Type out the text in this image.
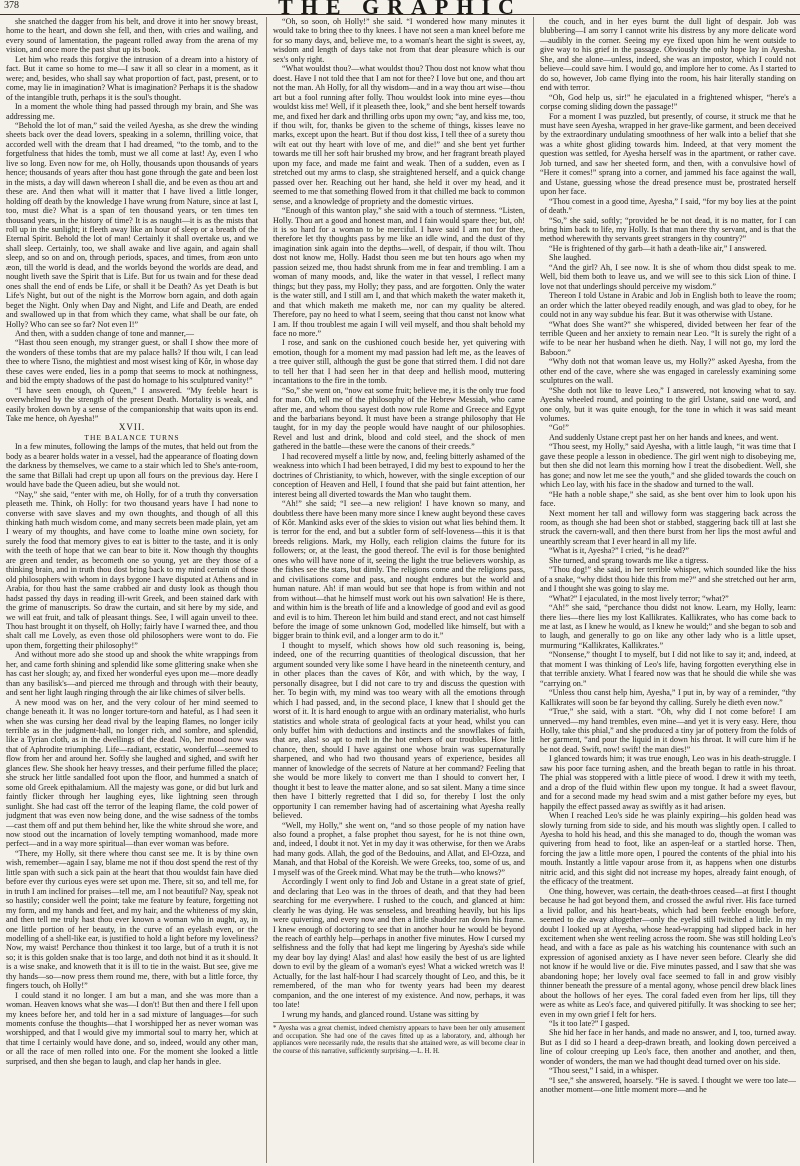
378	THE GRAPHIC

she snatched the dagger from his belt, and drove it into her snowy breast, home to the heart, and down she fell, and then, with cries and wailing, and every sound of lamentation, the pageant rolled away from the arena of my vision, and once more the past shut up its book.

Let him who reads this forgive the intrusion of a dream into a history of fact. But it came so home to me—I saw it all so clear in a moment, as it were; and, besides, who shall say what proportion of fact, past, present, or to come, may lie in imagination? What is imagination? Perhaps it is the shadow of the intangible truth, perhaps it is the soul's thought.

In a moment the whole thing had passed through my brain, and She was addressing me.

“Behold the lot of man,” said the veiled Ayesha, as she drew the winding sheets back over the dead lovers, speaking in a solemn, thrilling voice, that accorded well with the dream that I had dreamed, “to the tomb, and to the forgetfulness that hides the tomb, must we all come at last! Ay, even I who live so long. Even now for me, oh Holly, thousands upon thousands of years hence; thousands of years after thou hast gone through the gate and been lost in the mists, a day will dawn whereon I shall die, and be even as thou art and these are. And then what will it matter that I have lived a little longer, holding off death by the knowledge I have wrung from Nature, since at last I, too, must die? What is a span of ten thousand years, or ten times ten thousand years, in the history of time? It is as naught—it is as the mists that roll up in the sunlight; it fleeth away like an hour of sleep or a breath of the Eternal Spirit. Behold the lot of man! Certainly it shall overtake us, and we shall sleep. Certainly, too, we shall awake and live again, and again shall sleep, and so on and on, through periods, spaces, and times, from æon unto æon, till the world is dead, and the worlds beyond the worlds are dead, and nought liveth save the Spirit that is Life. But for us twain and for these dead ones shall the end of ends be Life, or shall it be Death? As yet Death is but Life's Night, but out of the night is the Morrow born again, and doth again beget the Night. Only when Day and Night, and Life and Death, are ended and swallowed up in that from which they came, what shall be our fate, oh Holly? Who can see so far? Not even I!”

And then, with a sudden change of tone and manner,—

“Hast thou seen enough, my stranger guest, or shall I show thee more of the wonders of these tombs that are my palace halls? If thou wilt, I can lead thee to where Tisno, the mightiest and most wisest king of Kôr, in whose day these caves were ended, lies in a pomp that seems to mock at nothingness, and bid the empty shadows of the past do homage to his sculptured vanity!”

“I have seen enough, oh Queen,” I answered. “My feeble heart is overwhelmed by the strength of the present Death. Mortality is weak, and easily broken down by a sense of the companionship that waits upon its end. Take me hence, oh Ayesha!”

XVII.

THE BALANCE TURNS

In a few minutes, following the lamps of the mutes, that held out from the body as a bearer holds water in a vessel, had the appearance of floating down the darkness by themselves, we came to a stair which led to She's ante-room, the same that Billali had crept up upon all fours on the previous day. Here I would have bade the Queen adieu, but she would not.

“Nay,” she said, “enter with me, oh Holly, for of a truth thy conversation pleaseth me. Think, oh Holly: for two thousand years have I had none to converse with save slaves and my own thoughts, and though of all this thinking hath much wisdom come, and many secrets been made plain, yet am I weary of my thoughts, and have come to loathe mine own society, for surely the food that memory gives to eat is bitter to the taste, and it is only with the teeth of hope that we can bear to bite it. Now though thy thoughts are green and tender, as becometh one so young, yet are they those of a thinking brain, and in truth thou dost bring back to my mind certain of those old philosophers with whom in days bygone I have disputed at Athens and in Arabia, for thou hast the same crabbed air and dusty look as though thou hadst passed thy days in reading ill-writ Greek, and been stained dark with the grime of manuscripts. So draw the curtain, and sit here by my side, and we will eat fruit, and talk of pleasant things. See, I will again unveil to thee. Thou hast brought it on thyself, oh Holly; fairly have I warned thee, and thou shalt call me Lovely, as even those old philosophers were wont to do. Fie upon them, forgetting their philosophy!”

And without more ado she stood up and shook the white wrappings from her, and came forth shining and splendid like some glittering snake when she has cast her slough; ay, and fixed her wonderful eyes upon me—more deadly than any basilisk's—and pierced me through and through with their beauty, and sent her light laugh ringing through the air like chimes of silver bells.

A new mood was on her, and the very colour of her mind seemed to change beneath it. It was no longer torture-torn and hateful, as I had seen it when she was cursing her dead rival by the leaping flames, no longer icily terrible as in the judgment-hall, no longer rich, and sombre, and splendid, like a Tyrian cloth, as in the dwellings of the dead. No, her mood now was that of Aphrodite triumphing. Life—radiant, ecstatic, wonderful—seemed to flow from her and around her. Softly she laughed and sighed, and swift her glances flew. She shook her heavy tresses, and their perfume filled the place; she struck her little sandalled foot upon the floor, and hummed a snatch of some old Greek epithalamium. All the majesty was gone, or did but lurk and faintly flicker through her laughing eyes, like lightning seen through sunlight. She had cast off the terror of the leaping flame, the cold power of judgment that was even now being done, and the wise sadness of the tombs—cast them off and put them behind her, like the white shroud she wore, and now stood out the incarnation of lovely tempting womanhood, made more perfect—and in a way more spiritual—than ever woman was before.

“There, my Holly, sit there where thou canst see me. It is by thine own wish, remember—again I say, blame me not if thou dost spend the rest of thy little span with such a sick pain at the heart that thou wouldst fain have died before ever thy curious eyes were set upon me. There, sit so, and tell me, for in truth I am inclined for praises—tell me, am I not beautiful? Nay, speak not so hastily; consider well the point; take me feature by feature, forgetting not my form, and my hands and feet, and my hair, and the whiteness of my skin, and then tell me truly hast thou ever known a woman who in aught, ay, in one little portion of her beauty, in the curve of an eyelash even, or the modelling of a shell-like ear, is justified to hold a light before my loveliness? Now, my waist! Perchance thou thinkest it too large, but of a truth it is not so; it is this golden snake that is too large, and doth not bind it as it should. It is a wise snake, and knoweth that it is ill to tie in the waist. But see, give me thy hands—so—now press them round me, there, with but a little force, thy fingers touch, oh Holly!”

I could stand it no longer. I am but a man, and she was more than a woman. Heaven knows what she was—I don't! But then and there I fell upon my knees before her, and told her in a sad mixture of languages—for such moments confuse the thoughts—that I worshipped her as never woman was worshipped, and that I would give my immortal soul to marry her, which at that time I certainly would have done, and so, indeed, would any other man, or all the race of men rolled into one. For the moment she looked a little surprised, and then she began to laugh, and clap her hands in glee.

“Oh, so soon, oh Holly!” she said. “I wondered how many minutes it would take to bring thee to thy knees. I have not seen a man kneel before me for so many days, and, believe me, to a woman's heart the sight is sweet, ay, wisdom and length of days take not from that dear pleasure which is our sex's only right.

“What wouldst thou?—what wouldst thou? Thou dost not know what thou doest. Have I not told thee that I am not for thee? I love but one, and thou art not the man. Ah Holly, for all thy wisdom—and in a way thou art wise—thou art but a fool running after folly. Thou wouldst look into mine eyes—thou wouldst kiss me! Well, if it pleaseth thee, look,” and she bent herself towards me, and fixed her dark and thrilling orbs upon my own; “ay, and kiss me, too, if thou wilt, for, thanks be given to the scheme of things, kisses leave no marks, except upon the heart. But if thou dost kiss, I tell thee of a surety thou wilt eat out thy heart with love of me, and die!” and she bent yet further towards me till her soft hair brushed my brow, and her fragrant breath played upon my face, and made me faint and weak. Then of a sudden, even as I stretched out my arms to clasp, she straightened herself, and a quick change passed over her. Reaching out her hand, she held it over my head, and it seemed to me that something flowed from it that chilled me back to common sense, and a knowledge of propriety and the domestic virtues.

“Enough of this wanton play,” she said with a touch of sternness. “Listen, Holly. Thou art a good and honest man, and I fain would spare thee; but, oh! it is so hard for a woman to be merciful. I have said I am not for thee, therefore let thy thoughts pass by me like an idle wind, and the dust of thy imagination sink again into the depths—well, of despair, if thou wilt. Thou dost not know me, Holly. Hadst thou seen me but ten hours ago when my passion seized me, thou hadst shrunk from me in fear and trembling. I am a woman of many moods, and, like the water in that vessel, I reflect many things; but they pass, my Holly; they pass, and are forgotten. Only the water is the water still, and I still am I, and that which maketh the water maketh it, and that which maketh me maketh me, nor can my quality be altered. Therefore, pay no heed to what I seem, seeing that thou canst not know what I am. If thou troublest me again I will veil myself, and thou shalt behold my face no more.”

I rose, and sank on the cushioned couch beside her, yet quivering with emotion, though for a moment my mad passion had left me, as the leaves of a tree quiver still, although the gust be gone that stirred them. I did not dare to tell her that I had seen her in that deep and hellish mood, muttering incantations to the fire in the tomb.

“So,” she went on, “now eat some fruit; believe me, it is the only true food for man. Oh, tell me of the philosophy of the Hebrew Messiah, who came after me, and whom thou sayest doth now rule Rome and Greece and Egypt and the barbarians beyond. It must have been a strange philosophy that He taught, for in my day the people would have naught of our philosophies. Revel and lust and drink, blood and cold steel, and the shock of men gathered in the battle—these were the canons of their creeds.”

I had recovered myself a little by now, and, feeling bitterly ashamed of the weakness into which I had been betrayed, I did my best to expound to her the doctrines of Christianity, to which, however, with the single exception of our conception of Heaven and Hell, I found that she paid but faint attention, her interest being all diverted towards the Man who taught them.

“Ah!” she said; “I see—a new religion! I have known so many, and doubtless there have been many more since I knew aught beyond these caves of Kôr. Mankind asks ever of the skies to vision out what lies behind them. It is terror for the end, and but a subtler form of self-loveness—this it is that breeds religions. Mark, my Holly, each religion claims the future for its followers; or, at the least, the good thereof. The evil is for those benighted ones who will have none of it, seeing the light the true believers worship, as the fishes see the stars, but dimly. The religions come and the religions pass, and civilisations come and pass, and nought endures but the world and human nature. Ah! if man would but see that hope is from within and not from without—that he himself must work out his own salvation! He is there, and within him is the breath of life and a knowledge of good and evil as good and evil is to him. Thereon let him build and stand erect, and not cast himself before the image of some unknown God, modelled like himself, but with a bigger brain to think evil, and a longer arm to do it.”

I thought to myself, which shows how old such reasoning is, being, indeed, one of the recurring quantities of theological discussion, that her argument sounded very like some I have heard in the nineteenth century, and in other places than the caves of Kôr, and with which, by the way, I personally disagree, but I did not care to try and discuss the question with her. To begin with, my mind was too weary with all the emotions through which I had passed, and, in the second place, I knew that I should get the worst of it. It is hard enough to argue with an ordinary materialist, who hurls statistics and whole strata of geological facts at your head, whilst you can only buffet him with deductions and instincts and the snowflakes of faith, that are, alas! so apt to melt in the hot embers of our troubles. How little chance, then, should I have against one whose brain was supernaturally sharpened, and who had two thousand years of experience, besides all manner of knowledge of the secrets of Nature at her command? Feeling that she would be more likely to convert me than I should to convert her, I thought it best to leave the matter alone, and so sat silent. Many a time since then have I bitterly regretted that I did so, for thereby I lost the only opportunity I can remember having had of ascertaining what Ayesha really believed.

“Well, my Holly,” she went on, “and so those people of my nation have also found a prophet, a false prophet thou sayest, for he is not thine own, and, indeed, I doubt it not. Yet in my day it was otherwise, for then we Arabs had many gods. Allah, the god of the Bedouins, and Allat, and El-Ozza, and Manah, and that Hobal of the Koreish. We were Greeks, too, some of us, and I myself was of the Greek mind. What may be the truth—who knows?”

Accordingly I went only to find Job and Ustane in a great state of grief, and declaring that Leo was in the throes of death, and that they had been searching for me everywhere. I rushed to the couch, and glanced at him: clearly he was dying. He was senseless, and breathing heavily, but his lips were quivering, and every now and then a little shudder ran down his frame. I knew enough of doctoring to see that in another hour he would be beyond the reach of earthly help—perhaps in another five minutes. How I cursed my selfishness and the folly that had kept me lingering by Ayesha's side while my dear boy lay dying! Alas! and alas! how easily the best of us are lighted down to evil by the gleam of a woman's eyes! What a wicked wretch was I! Actually, for the last half-hour I had scarcely thought of Leo, and this, be it remembered, of the man who for twenty years had been my dearest companion, and the one interest of my existence. And now, perhaps, it was too late!

I wrung my hands, and glanced round. Ustane was sitting by

* Ayesha was a great chemist, indeed chemistry appears to have been her only amusement and occupation. She had one of the caves fitted up as a laboratory, and, although her appliances were necessarily rude, the results that she attained were, as will become clear in the course of this narrative, sufficiently surprising.—L. H. H.

the couch, and in her eyes burnt the dull light of despair. Job was blubbering—I am sorry I cannot write his distress by any more delicate word—audibly in the corner. Seeing my eye fixed upon him he went outside to give way to his grief in the passage. Obviously the only hope lay in Ayesha. She, and she alone—unless, indeed, she was an impostor, which I could not believe—could save him. I would go, and implore her to come. As I started to do so, however, Job came flying into the room, his hair literally standing on end with terror.

“Oh, God help us, sir!” he ejaculated in a frightened whisper, “here's a corpse coming sliding down the passage!”

For a moment I was puzzled, but presently, of course, it struck me that he must have seen Ayesha, wrapped in her grave-like garment, and been deceived by the extraordinary undulating smoothness of her walk into a belief that she was a white ghost gliding towards him. Indeed, at that very moment the question was settled, for Ayesha herself was in the apartment, or rather cave. Job turned, and saw her sheeted form, and then, with a convulsive howl of “Here it comes!” sprang into a corner, and jammed his face against the wall, and Ustane, guessing whose the dread presence must be, prostrated herself upon her face.

“Thou comest in a good time, Ayesha,” I said, “for my boy lies at the point of death.”

“So,” she said, softly; “provided he be not dead, it is no matter, for I can bring him back to life, my Holly. Is that man there thy servant, and is that the method wherewith thy servants greet strangers in thy country?”

“He is frightened of thy garb—it hath a death-like air,” I answered.

She laughed.

“And the girl? Ah, I see now. It is she of whom thou didst speak to me. Well, bid them both to leave us, and we will see to this sick Lion of thine. I love not that underlings should perceive my wisdom.”

Thereon I told Ustane in Arabic and Job in English both to leave the room; an order which the latter obeyed readily enough, and was glad to obey, for he could not in any way subdue his fear. But it was otherwise with Ustane.

“What does She want?” she whispered, divided between her fear of the terrible Queen and her anxiety to remain near Leo. “It is surely the right of a wife to be near her husband when he dieth. Nay, I will not go, my lord the Baboon.”

“Why doth not that woman leave us, my Holly?” asked Ayesha, from the other end of the cave, where she was engaged in carelessly examining some sculptures on the wall.

“She doth not like to leave Leo,” I answered, not knowing what to say. Ayesha wheeled round, and pointing to the girl Ustane, said one word, and one only, but it was quite enough, for the tone in which it was said meant volumes.

“Go!”

And suddenly Ustane crept past her on her hands and knees, and went.

“Thou seest, my Holly,” said Ayesha, with a little laugh, “it was time that I gave these people a lesson in obedience. The girl went nigh to disobeying me, but then she did not learn this morning how I treat the disobedient. Well, she has gone; and now let me see the youth,” and she glided towards the couch on which Leo lay, with his face in the shadow and turned to the wall.

“He hath a noble shape,” she said, as she bent over him to look upon his face.

Next moment her tall and willowy form was staggering back across the room, as though she had been shot or stabbed, staggering back till at last she struck the cavern-wall, and then there burst from her lips the most awful and unearthly scream that I ever heard in all my life.

“What is it, Ayesha?” I cried, “is he dead?”

She turned, and sprang towards me like a tigress.

“Thou dog!” she said, in her terrible whisper, which sounded like the hiss of a snake, “why didst thou hide this from me?” and she stretched out her arm, and I thought she was going to slay me.

“What?” I ejaculated, in the most lively terror; “what?”

“Ah!” she said, “perchance thou didst not know. Learn, my Holly, learn: there lies—there lies my lost Kallikrates. Kallikrates, who has come back to me at last, as I knew he would, as I knew he would;” and she began to sob and to laugh, and generally to go on like any other lady who is a little upset, murmuring “Kallikrates, Kallikrates.”

“Nonsense,” thought I to myself, but I did not like to say it; and, indeed, at that moment I was thinking of Leo's life, having forgotten everything else in that terrible anxiety. What I feared now was that he should die while she was “carrying on.”

“Unless thou canst help him, Ayesha,” I put in, by way of a reminder, “thy Kallikrates will soon be far beyond thy calling. Surely he dieth even now.”

“True,” she said, with a start. “Oh, why did I not come before! I am unnerved—my hand trembles, even mine—and yet it is very easy. Here, thou Holly, take this phial,” and she produced a tiny jar of pottery from the folds of her garment, “and pour the liquid in it down his throat. It will cure him if he be not dead. Swift, now! swift! the man dies!”

I glanced towards him; it was true enough, Leo was in his death-struggle. I saw his poor face turning ashen, and the breath began to rattle in his throat. The phial was stoppered with a little piece of wood. I drew it with my teeth, and a drop of the fluid within flew upon my tongue. It had a sweet flavour, and for a second made my head swim and a mist gather before my eyes, but happily the effect passed away as swiftly as it had arisen.

When I reached Leo's side he was plainly expiring—his golden head was slowly turning from side to side, and his mouth was slightly open. I called to Ayesha to hold his head, and this she managed to do, though the woman was quivering from head to foot, like an aspen-leaf or a startled horse. Then, forcing the jaw a little more open, I poured the contents of the phial into his mouth. Instantly a little vapour arose from it, as happens when one disturbs nitric acid, and this sight did not increase my hopes, already faint enough, of the efficacy of the treatment.

One thing, however, was certain, the death-throes ceased—at first I thought because he had got beyond them, and crossed the awful river. His face turned a livid pallor, and his heart-beats, which had been feeble enough before, seemed to die away altogether—only the eyelid still twitched a little. In my doubt I looked up at Ayesha, whose head-wrapping had slipped back in her excitement when she went reeling across the room. She was still holding Leo's head, and with a face as pale as his watching his countenance with such an expression of agonised anxiety as I have never seen before. Clearly she did not know if he would live or die. Five minutes passed, and I saw that she was abandoning hope; her lovely oval face seemed to fall in and grow visibly thinner beneath the pressure of a mental agony, whose pencil drew black lines about the hollows of her eyes. The coral faded even from her lips, till they were as white as Leo's face, and quivered pitifully. It was shocking to see her; even in my own grief I felt for hers.

“Is it too late?” I gasped.

She hid her face in her hands, and made no answer, and I, too, turned away. But as I did so I heard a deep-drawn breath, and looking down perceived a line of colour creeping up Leo's face, then another and another, and then, wonder of wonders, the man we had thought dead turned over on his side.

“Thou seest,” I said, in a whisper.

“I see,” she answered, hoarsely. “He is saved. I thought we were too late—another moment—one little moment more—and he
